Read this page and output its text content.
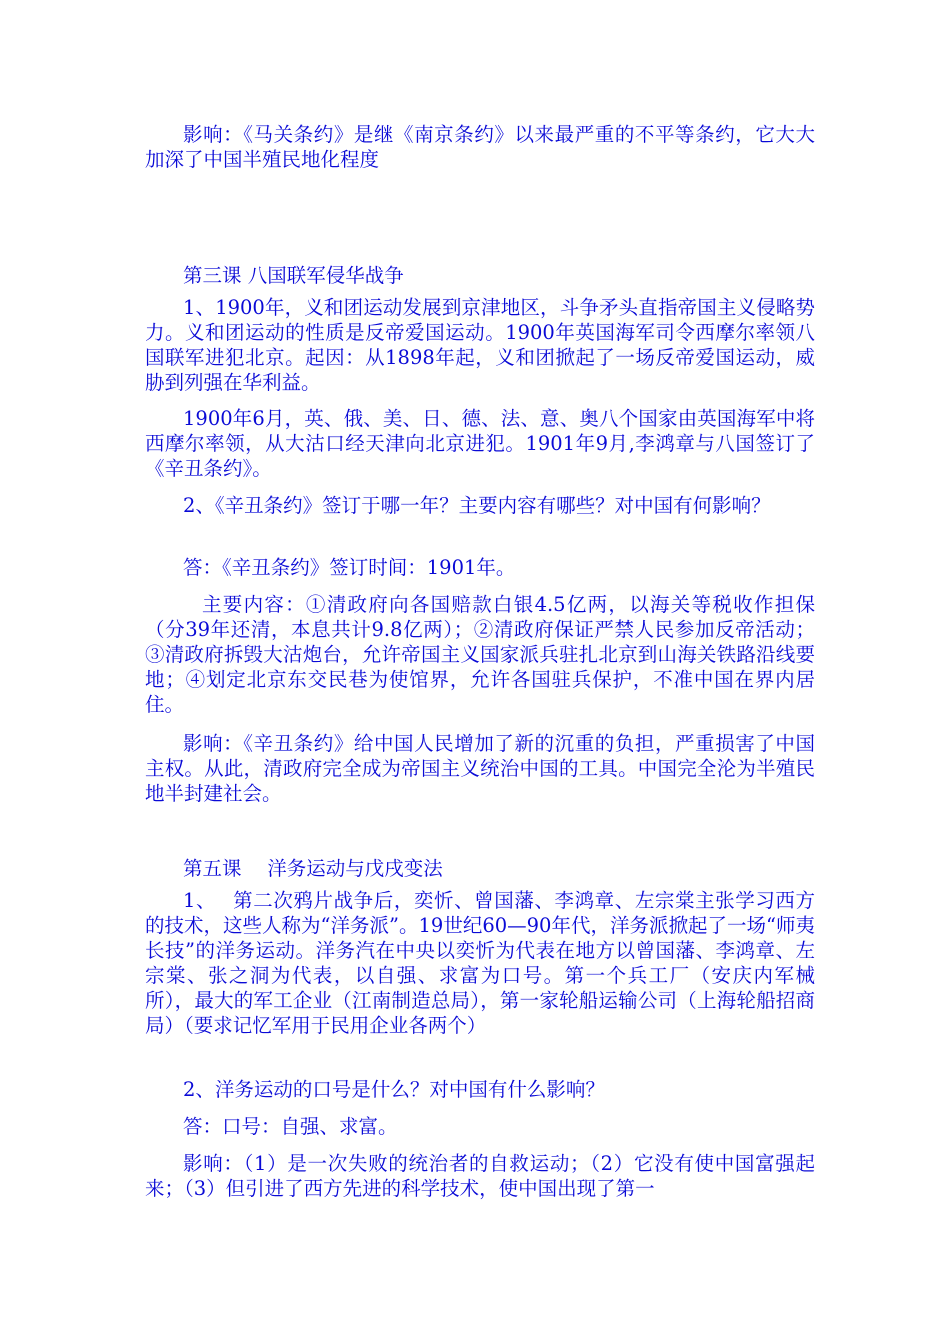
影响：《马关条约》是继《南京条约》以来最严重的不平等条约，它大大加深了中国半殖民地化程度

第三课 八国联军侵华战争

1、1900年，义和团运动发展到京津地区，斗争矛头直指帝国主义侵略势力。义和团运动的性质是反帝爱国运动。1900年英国海军司令西摩尔率领八国联军进犯北京。起因：从1898年起，义和团掀起了一场反帝爱国运动，威胁到列强在华利益。

1900年6月，英、俄、美、日、德、法、意、奥八个国家由英国海军中将西摩尔率领，从大沽口经天津向北京进犯。1901年9月,李鸿章与八国签订了《辛丑条约》。

2、《辛丑条约》签订于哪一年？主要内容有哪些？对中国有何影响？

答：《辛丑条约》签订时间：1901年。

主要内容：①清政府向各国赔款白银4.5亿两，以海关等税收作担保（分39年还清，本息共计9.8亿两）；②清政府保证严禁人民参加反帝活动；③清政府拆毁大沽炮台，允许帝国主义国家派兵驻扎北京到山海关铁路沿线要地；④划定北京东交民巷为使馆界，允许各国驻兵保护，不准中国在界内居住。

影响：《辛丑条约》给中国人民增加了新的沉重的负担，严重损害了中国主权。从此，清政府完全成为帝国主义统治中国的工具。中国完全沦为半殖民地半封建社会。

第五课　 洋务运动与戊戌变法

1、　 第二次鸦片战争后，奕忻、曾国藩、李鸿章、左宗棠主张学习西方的技术，这些人称为“洋务派”。19世纪60—90年代，洋务派掀起了一场“师夷长技”的洋务运动。洋务汽在中央以奕忻为代表在地方以曾国藩、李鸿章、左宗棠、张之洞为代表，以自强、求富为口号。第一个兵工厂（安庆内军械所），最大的军工企业（江南制造总局），第一家轮船运输公司（上海轮船招商局）（要求记忆军用于民用企业各两个）

2、洋务运动的口号是什么？对中国有什么影响？

答：口号：自强、求富。

影响：（1）是一次失败的统治者的自救运动；（2）它没有使中国富强起来；（3）但引进了西方先进的科学技术，使中国出现了第一
